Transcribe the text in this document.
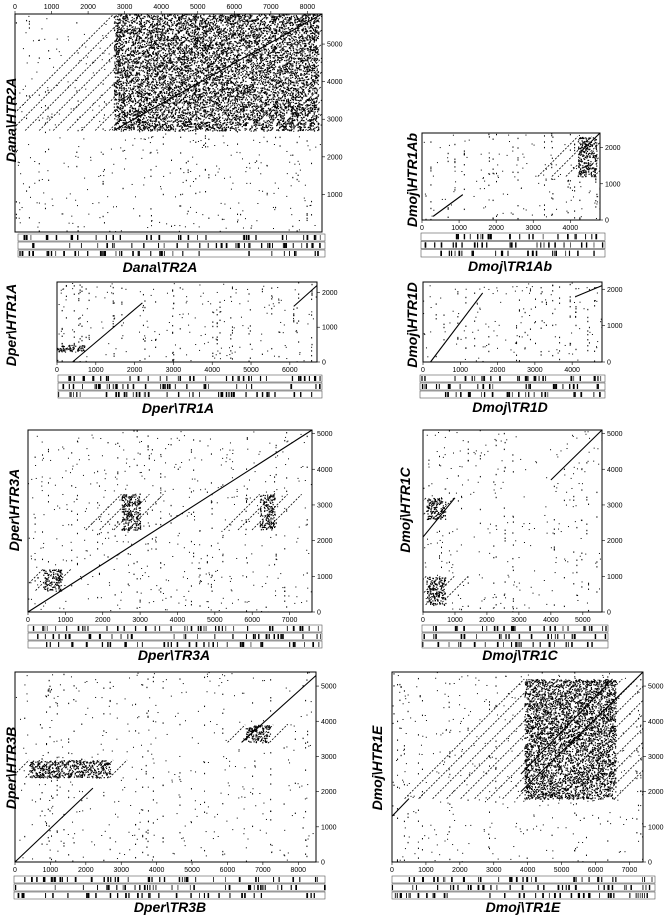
0	1000	2000	3000	4000	5000	6000	7000	8000
1000
2000
3000
4000
5000
Dana\TR2A
Dana\HTR2A
0	1000	2000	3000	4000
0
1000
2000
Dmoj\TR1Ab
Dmoj\HTR1Ab
0	1000	2000	3000	4000	5000	6000
0
1000
2000
Dper\TR1A
Dper\HTR1A
0	1000	2000	3000	4000
0
1000
2000
Dmoj\TR1D
Dmoj\HTR1D
0	1000	2000	3000	4000	5000	6000	7000
0
1000
2000
3000
4000
5000
Dper\TR3A
Dper\HTR3A
0	1000 2000 3000 4000 5000
0
1000
2000
3000
4000
5000
Dmoj\TR1C
Dmoj\HTR1C
0	1000	2000	3000	4000	5000	6000	7000	8000
0
1000
2000
3000
4000
5000
Dper\TR3B
Dper\HTR3B
0	1000	2000	3000	4000	5000	6000	7000
0
1000
2000
3000
4000
5000
Dmoj\TR1E
Dmoj\HTR1E
